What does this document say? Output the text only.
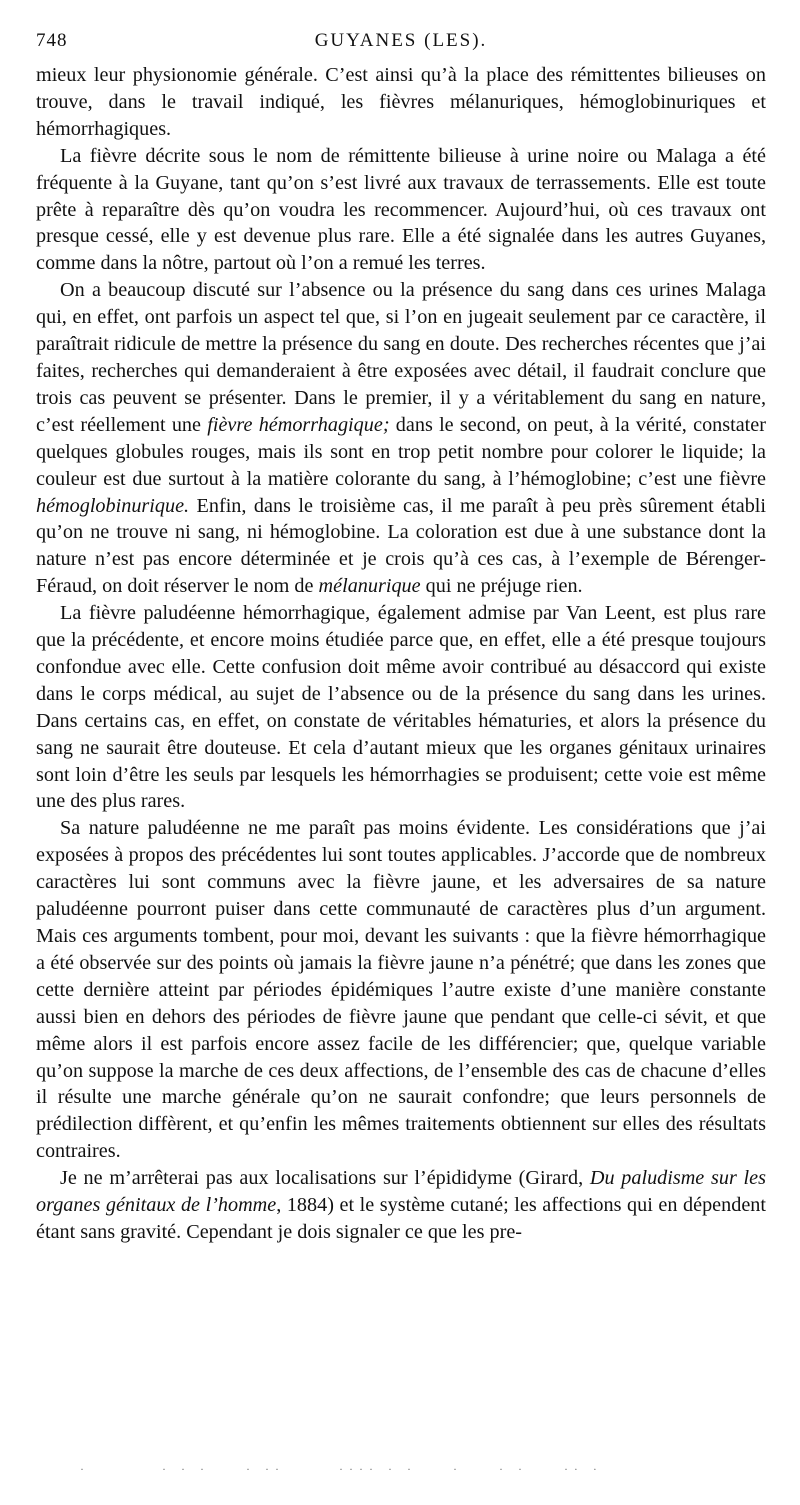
748	GUYANES (LES).

mieux leur physionomie générale. C’est ainsi qu’à la place des rémittentes bilieuses on trouve, dans le travail indiqué, les fièvres mélanuriques, hémoglobinuriques et hémorrhagiques.

La fièvre décrite sous le nom de rémittente bilieuse à urine noire ou Malaga a été fréquente à la Guyane, tant qu’on s’est livré aux travaux de terrassements. Elle est toute prête à reparaître dès qu’on voudra les recommencer. Aujourd’hui, où ces travaux ont presque cessé, elle y est devenue plus rare. Elle a été signalée dans les autres Guyanes, comme dans la nôtre, partout où l’on a remué les terres.

On a beaucoup discuté sur l’absence ou la présence du sang dans ces urines Malaga qui, en effet, ont parfois un aspect tel que, si l’on en jugeait seulement par ce caractère, il paraîtrait ridicule de mettre la présence du sang en doute. Des recherches récentes que j’ai faites, recherches qui demanderaient à être exposées avec détail, il faudrait conclure que trois cas peuvent se présenter. Dans le premier, il y a véritablement du sang en nature, c’est réellement une fièvre hémorrhagique; dans le second, on peut, à la vérité, constater quelques globules rouges, mais ils sont en trop petit nombre pour colorer le liquide; la couleur est due surtout à la matière colorante du sang, à l’hémoglobine; c’est une fièvre hémoglobinurique. Enfin, dans le troisième cas, il me paraît à peu près sûrement établi qu’on ne trouve ni sang, ni hémoglobine. La coloration est due à une substance dont la nature n’est pas encore déterminée et je crois qu’à ces cas, à l’exemple de Bérenger-Féraud, on doit réserver le nom de mélanurique qui ne préjuge rien.

La fièvre paludéenne hémorrhagique, également admise par Van Leent, est plus rare que la précédente, et encore moins étudiée parce que, en effet, elle a été presque toujours confondue avec elle. Cette confusion doit même avoir contribué au désaccord qui existe dans le corps médical, au sujet de l’absence ou de la présence du sang dans les urines. Dans certains cas, en effet, on constate de véritables hématuries, et alors la présence du sang ne saurait être douteuse. Et cela d’autant mieux que les organes génitaux urinaires sont loin d’être les seuls par lesquels les hémorrhagies se produisent; cette voie est même une des plus rares.

Sa nature paludéenne ne me paraît pas moins évidente. Les considérations que j’ai exposées à propos des précédentes lui sont toutes applicables. J’accorde que de nombreux caractères lui sont communs avec la fièvre jaune, et les adversaires de sa nature paludéenne pourront puiser dans cette communauté de caractères plus d’un argument. Mais ces arguments tombent, pour moi, devant les suivants : que la fièvre hémorrhagique a été observée sur des points où jamais la fièvre jaune n’a pénétré; que dans les zones que cette dernière atteint par périodes épidémiques l’autre existe d’une manière constante aussi bien en dehors des périodes de fièvre jaune que pendant que celle-ci sévit, et que même alors il est parfois encore assez facile de les différencier; que, quelque variable qu’on suppose la marche de ces deux affections, de l’ensemble des cas de chacune d’elles il résulte une marche générale qu’on ne saurait confondre; que leurs personnels de prédilection diffèrent, et qu’enfin les mêmes traitements obtiennent sur elles des résultats contraires.

Je ne m’arrêterai pas aux localisations sur l’épididyme (Girard, Du paludisme sur les organes génitaux de l’homme, 1884) et le système cutané; les affections qui en dépendent étant sans gravité. Cependant je dois signaler ce que les pre-

·        · · ·    · ··      ···· · ·    ·    · ·    ·· ·
